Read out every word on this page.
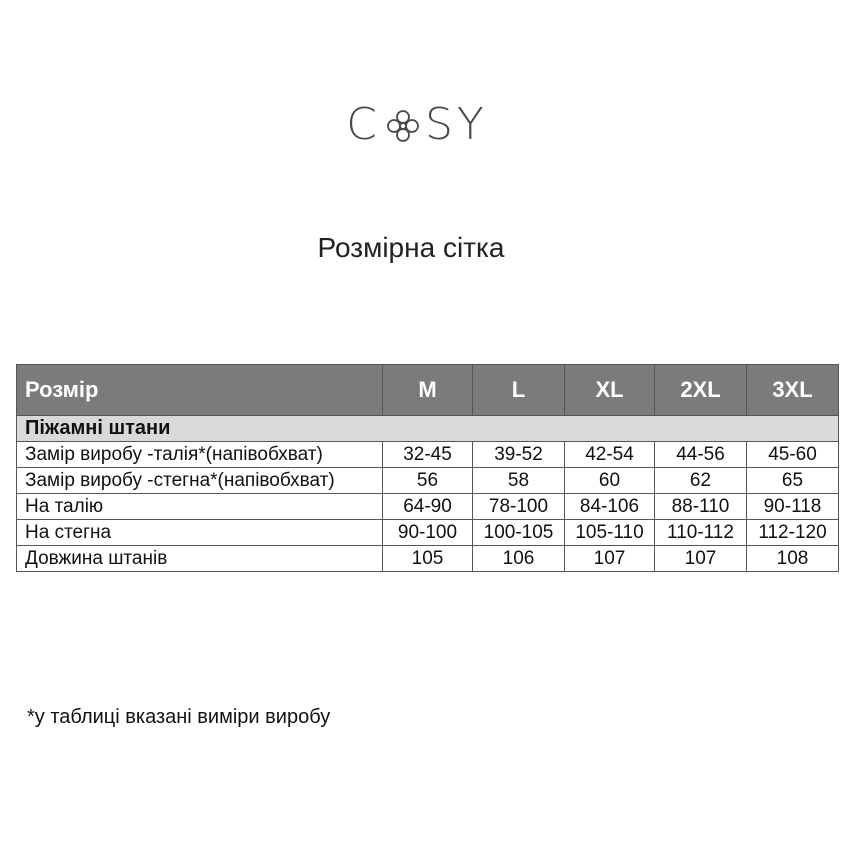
C SY
Розмірна сітка
Розмір	M	L	XL	2XL	3XL
Піжамні штани					
Замір виробу -талія*(напівобхват)	32-45	39-52	42-54	44-56	45-60
Замір виробу -стегна*(напівобхват)	56	58	60	62	65
На талію	64-90	78-100	84-106	88-110	90-118
На стегна	90-100	100-105	105-110	110-112	112-120
Довжина штанів	105	106	107	107	108
*у таблиці вказані виміри виробу
